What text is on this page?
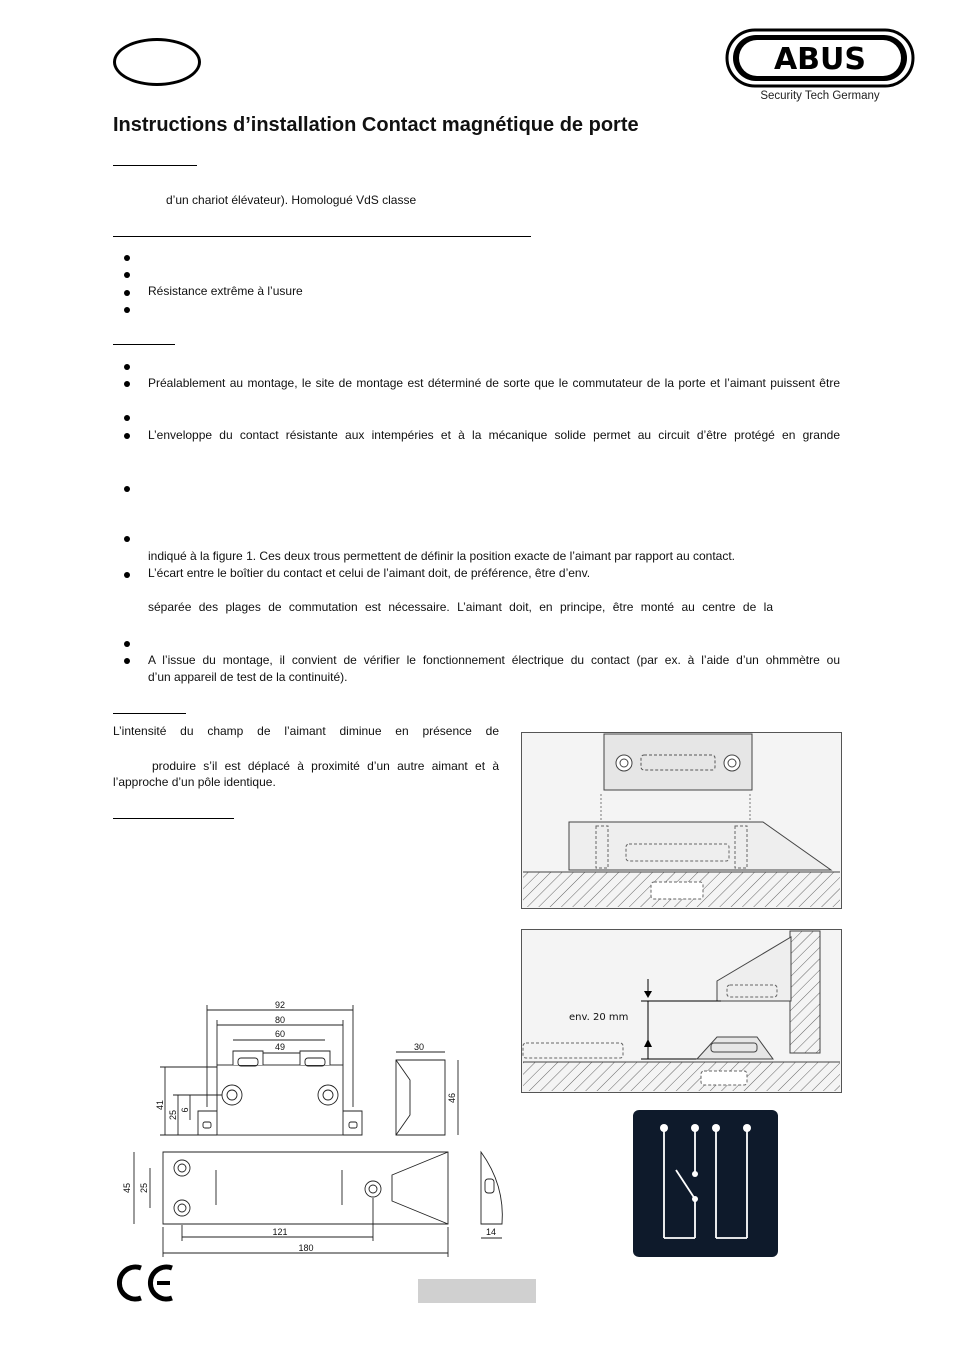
ABUS
Security Tech Germany
Instructions d’installation Contact magnétique de porte
d’un chariot élévateur). Homologué VdS classe
Résistance extrême à l’usure
Préalablement au montage, le site de montage est déterminé de sorte que le commutateur de la porte et l’aimant puissent être
L’enveloppe du contact résistante aux intempéries et à la mécanique solide permet au circuit d’être protégé en grande
indiqué à la figure 1. Ces deux trous permettent de définir la position exacte de l’aimant par rapport au contact.
L’écart entre le boîtier du contact et celui de l’aimant doit, de préférence, être d’env.
séparée des plages de commutation est nécessaire. L’aimant doit, en principe, être monté au centre de la
A l’issue du montage, il convient de vérifier le fonctionnement électrique du contact (par ex. à l’aide d’un ohmmètre ou
d’un appareil de test de la continuité).
L’intensité du champ de l’aimant diminue en présence de
produire s’il est déplacé à proximité d’un autre aimant et à
l’approche d’un pôle identique.
env. 20 mm
92
80
60
49
41
25 6
30
46
45 25
121
180
14
